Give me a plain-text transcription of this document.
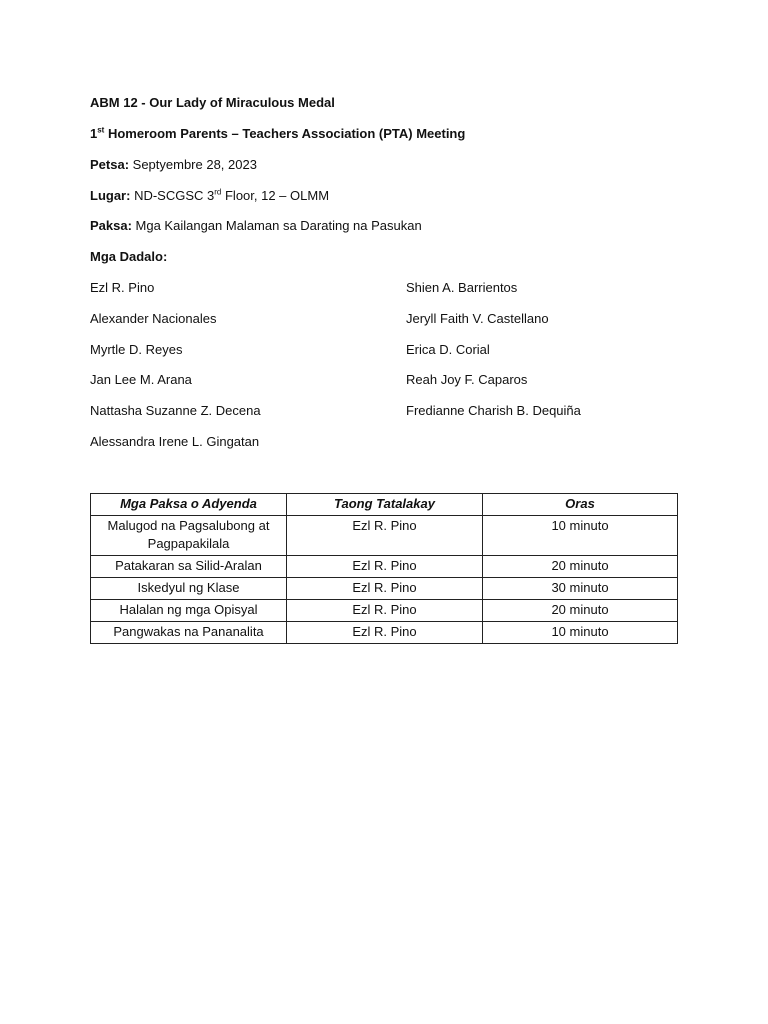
ABM 12 - Our Lady of Miraculous Medal
1st Homeroom Parents – Teachers Association (PTA) Meeting
Petsa: Septyembre 28, 2023
Lugar: ND-SCGSC 3rd Floor, 12 – OLMM
Paksa: Mga Kailangan Malaman sa Darating na Pasukan
Mga Dadalo:
Ezl R. Pino
Alexander Nacionales
Myrtle D. Reyes
Jan Lee M. Arana
Nattasha Suzanne Z. Decena
Alessandra Irene L. Gingatan
Shien A. Barrientos
Jeryll Faith V. Castellano
Erica D. Corial
Reah Joy F. Caparos
Fredianne Charish B. Dequiña
Mga Paksa o Adyenda	Taong Tatalakay	Oras
Malugod na Pagsalubong at Pagpapakilala	Ezl R. Pino	10 minuto
Patakaran sa Silid-Aralan	Ezl R. Pino	20 minuto
Iskedyul ng Klase	Ezl R. Pino	30 minuto
Halalan ng mga Opisyal	Ezl R. Pino	20 minuto
Pangwakas na Pananalita	Ezl R. Pino	10 minuto
